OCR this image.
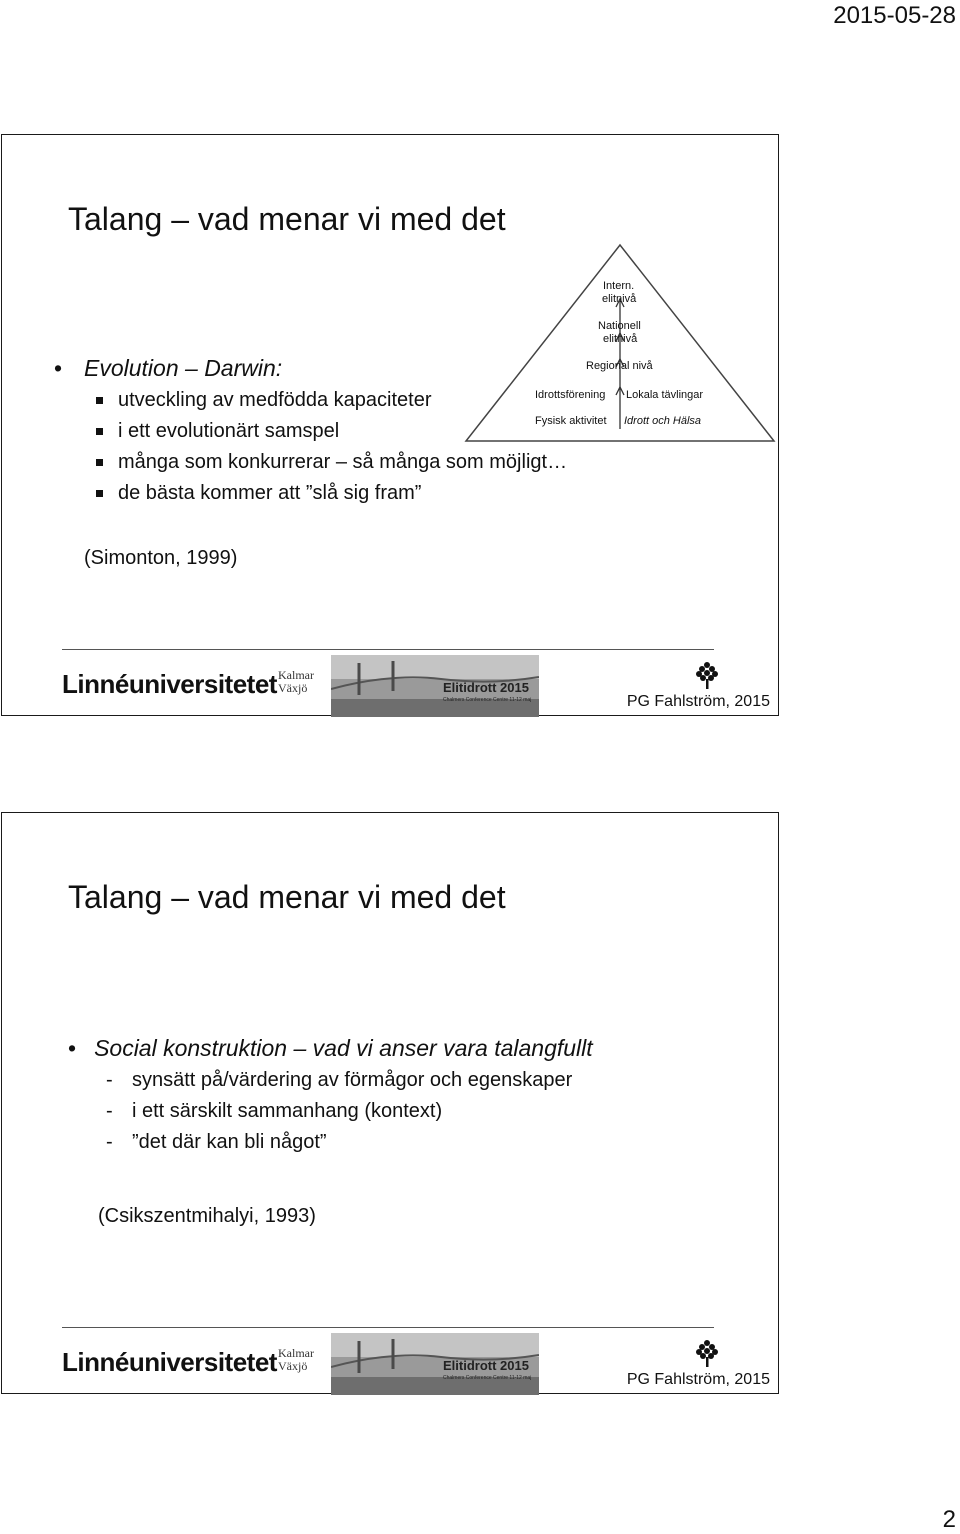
2015-05-28
Talang – vad menar vi med det
• Evolution – Darwin:
utveckling av medfödda kapaciteter
i ett evolutionärt samspel
många som konkurrerar – så många som möjligt…
de bästa kommer att ”slå sig fram”
(Simonton, 1999)
Intern.
elitnivå
Nationell
elitnivå
Regional nivå
Idrottsförening
Fysisk aktivitet
Lokala tävlingar
Idrott och Hälsa
Linnéuniversitetet Kalmar
Växjö	Elitidrott 2015
Chalmers Conference Centre 11-12 maj	PG Fahlström, 2015
Talang – vad menar vi med det
• Social konstruktion – vad vi anser vara talangfullt
- synsätt på/värdering av förmågor och egenskaper
- i ett särskilt sammanhang (kontext)
- ”det där kan bli något”
(Csikszentmihalyi, 1993)
Linnéuniversitetet Kalmar
Växjö	Elitidrott 2015
Chalmers Conference Centre 11-12 maj	PG Fahlström, 2015
2
